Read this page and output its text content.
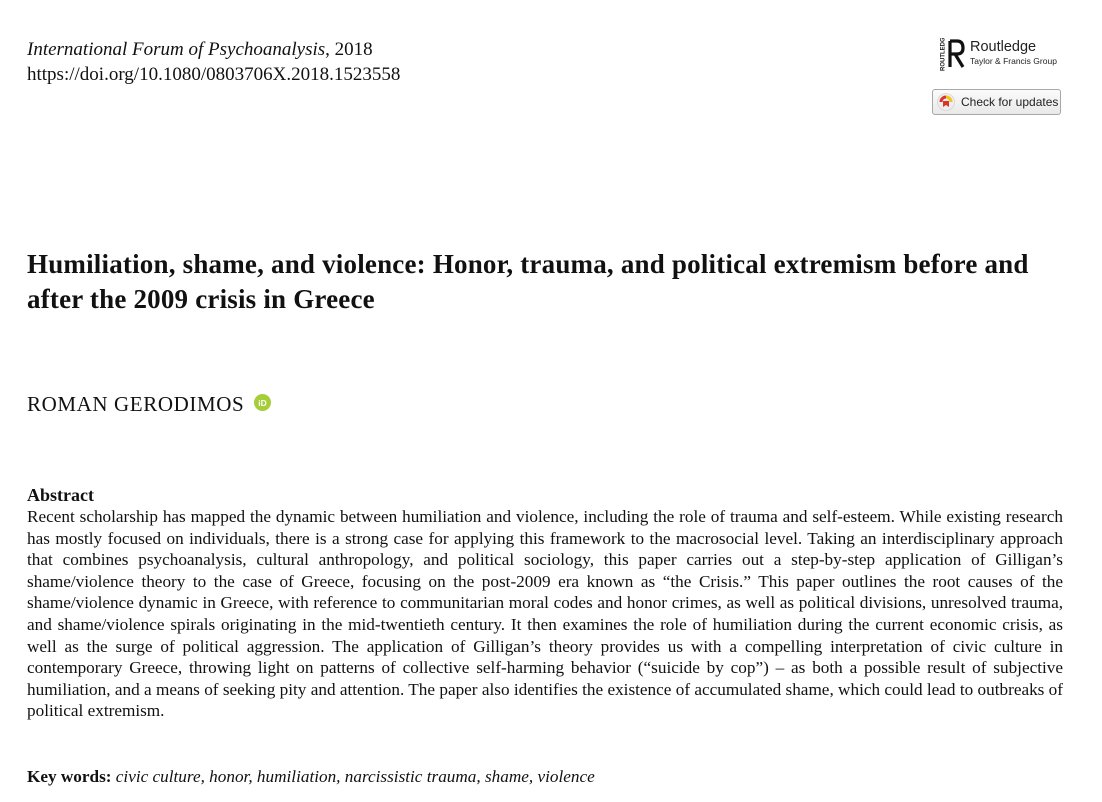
International Forum of Psychoanalysis, 2018
https://doi.org/10.1080/0803706X.2018.1523558
ROUTLEDGE Routledge
Taylor & Francis Group
Check for updates
Humiliation, shame, and violence: Honor, trauma, and political extremism before and after the 2009 crisis in Greece
ROMAN GERODIMOS iD
Abstract
Recent scholarship has mapped the dynamic between humiliation and violence, including the role of trauma and self-esteem. While existing research has mostly focused on individuals, there is a strong case for applying this framework to the macrosocial level. Taking an interdisciplinary approach that combines psychoanalysis, cultural anthropology, and political sociology, this paper carries out a step-by-step application of Gilligan’s shame/violence theory to the case of Greece, focusing on the post-2009 era known as “the Crisis.” This paper outlines the root causes of the shame/violence dynamic in Greece, with reference to communitarian moral codes and honor crimes, as well as political divisions, unresolved trauma, and shame/violence spirals originating in the mid-twentieth century. It then examines the role of humiliation during the current economic crisis, as well as the surge of political aggression. The application of Gilligan’s theory provides us with a compelling interpretation of civic culture in contemporary Greece, throwing light on patterns of collective self-harming behavior (“suicide by cop”) – as both a possible result of subjective humiliation, and a means of seeking pity and attention. The paper also identifies the existence of accumulated shame, which could lead to outbreaks of political extremism.
Key words: civic culture, honor, humiliation, narcissistic trauma, shame, violence
